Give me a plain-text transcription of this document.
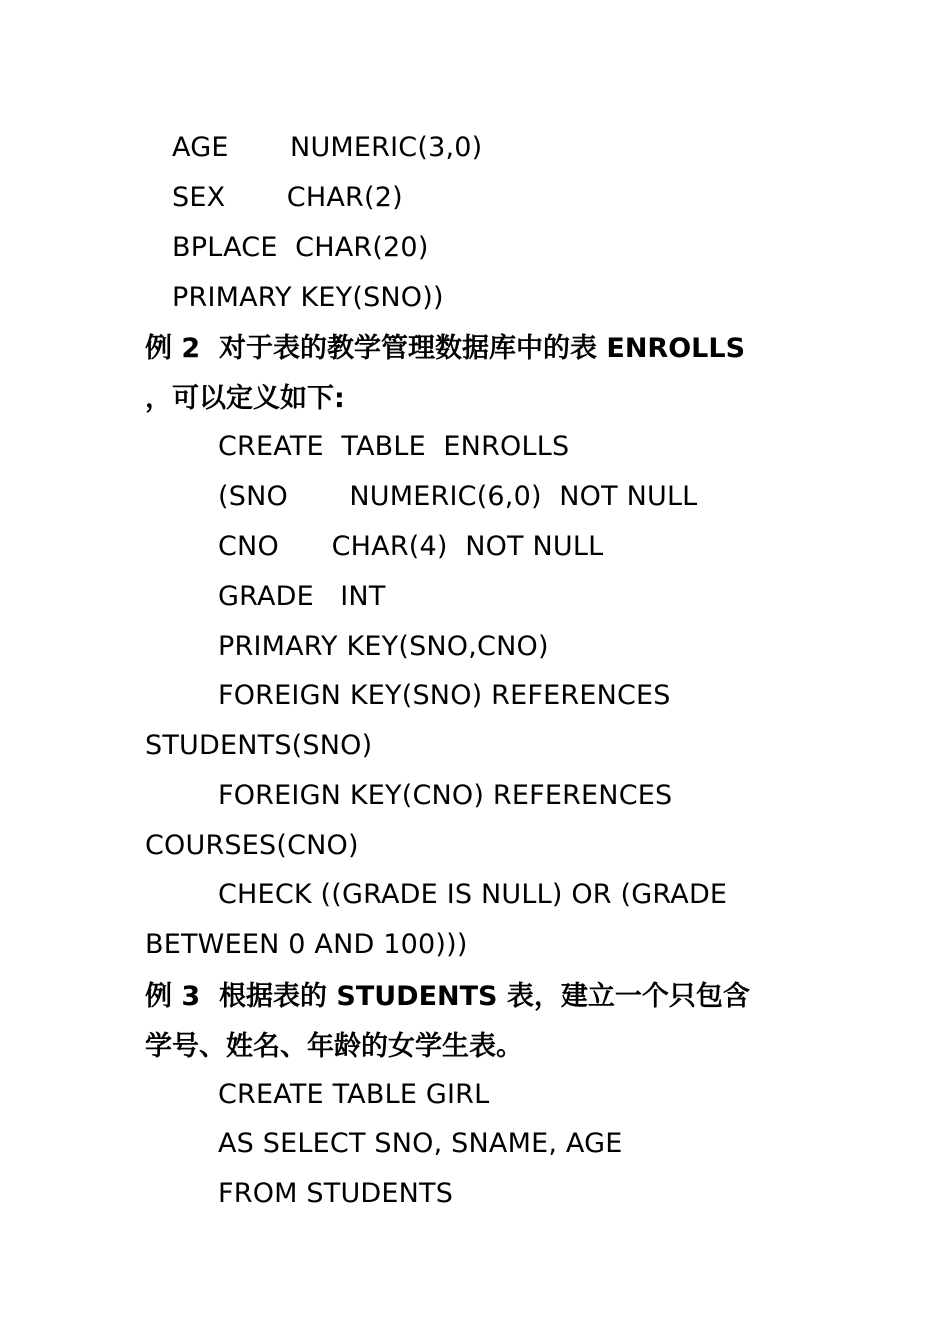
AGE       NUMERIC(3,0)
SEX       CHAR(2)
BPLACE  CHAR(20)
PRIMARY KEY(SNO))
例 2  对于表的教学管理数据库中的表 ENROLLS
，可以定义如下:
CREATE  TABLE  ENROLLS
(SNO       NUMERIC(6,0)  NOT NULL
CNO      CHAR(4)  NOT NULL
GRADE   INT
PRIMARY KEY(SNO,CNO)
FOREIGN KEY(SNO) REFERENCES
STUDENTS(SNO)
FOREIGN KEY(CNO) REFERENCES
COURSES(CNO)
CHECK ((GRADE IS NULL) OR (GRADE
BETWEEN 0 AND 100)))
例 3  根据表的 STUDENTS 表，建立一个只包含
学号、姓名、年龄的女学生表。
CREATE TABLE GIRL
AS SELECT SNO, SNAME, AGE
FROM STUDENTS
